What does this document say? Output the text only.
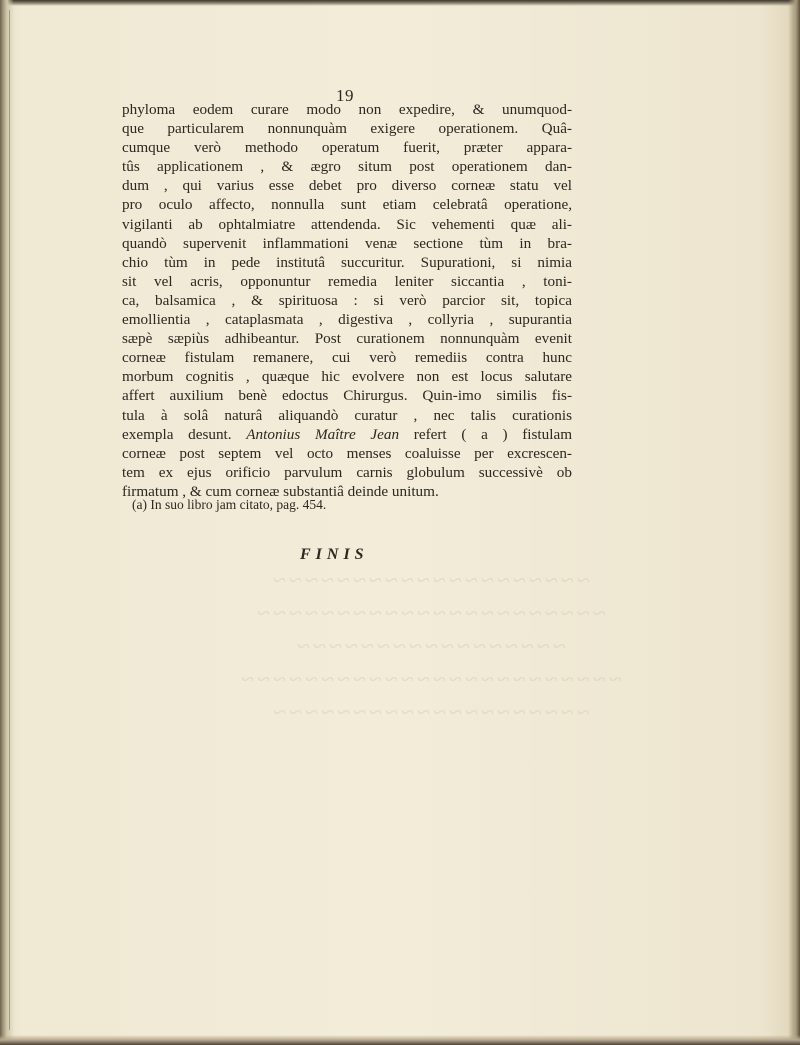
~~~~~~~~~~~~~~~~~~~~
~~~~~~~~~~~~~~~~~~~~~~
~~~~~~~~~~~~~~~~~
~~~~~~~~~~~~~~~~~~~~~~~~
~~~~~~~~~~~~~~~~~~~~
19
phyloma eodem curare modo non expedire, & unumquod-
que particularem nonnunquàm exigere operationem. Quâ-
cumque verò methodo operatum fuerit, præter appara-
tûs applicationem , & ægro situm post operationem dan-
dum , qui varius esse debet pro diverso corneæ statu vel
pro oculo affecto, nonnulla sunt etiam celebratâ operatione,
vigilanti ab ophtalmiatre attendenda. Sic vehementi quæ ali-
quandò supervenit inflammationi venæ sectione tùm in bra-
chio tùm in pede institutâ succuritur. Supurationi, si nimia
sit vel acris, opponuntur remedia leniter siccantia , toni-
ca, balsamica , & spirituosa : si verò parcior sit, topica
emollientia , cataplasmata , digestiva , collyria , supurantia
sæpè sæpiùs adhibeantur. Post curationem nonnunquàm evenit
corneæ fistulam remanere, cui verò remediis contra hunc
morbum cognitis , quæque hic evolvere non est locus salutare
affert auxilium benè edoctus Chirurgus. Quin-imo similis fis-
tula à solâ naturâ aliquandò curatur , nec talis curationis
exempla desunt. Antonius Maître Jean refert ( a ) fistulam
corneæ post septem vel octo menses coaluisse per excrescen-
tem ex ejus orificio parvulum carnis globulum successivè ob
firmatum , & cum corneæ substantiâ deinde unitum.
(a) In suo libro jam citato, pag. 454.
FINIS
